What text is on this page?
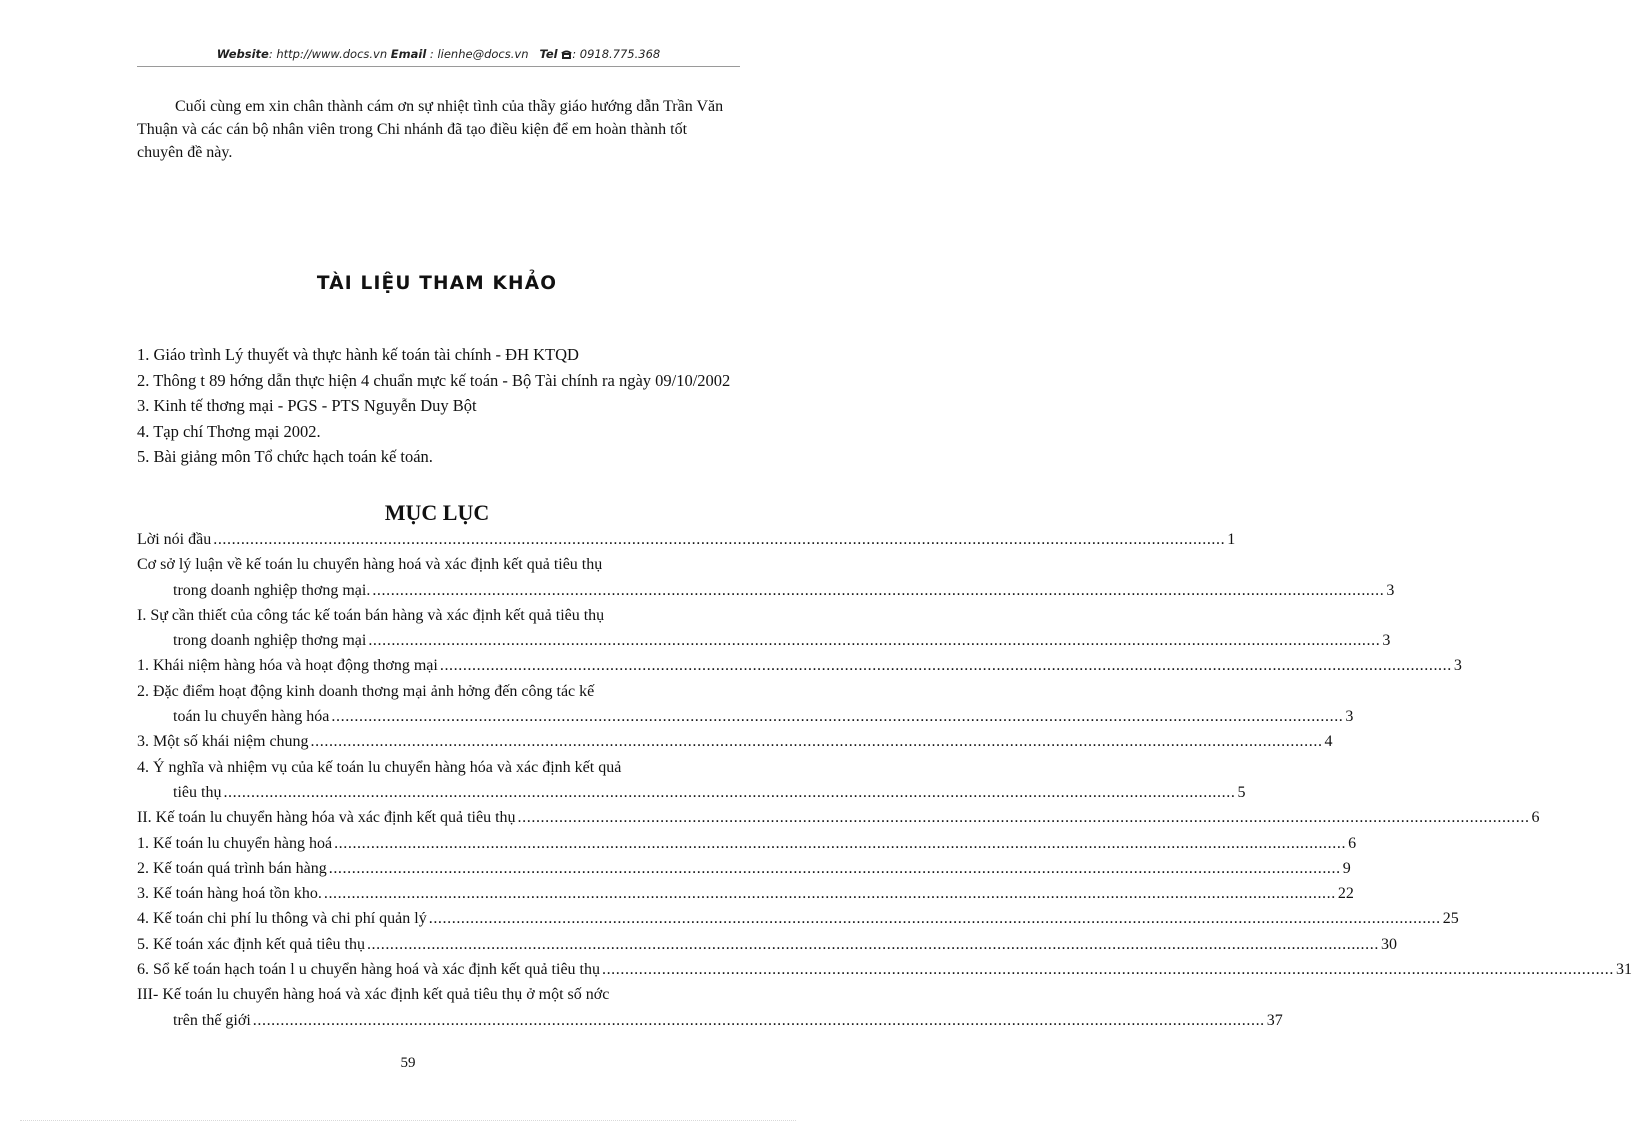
Website: http://www.docs.vn Email : lienhe@docs.vn Tel : 0918.775.368

Cuối cùng em xin chân thành cám ơn sự nhiệt tình của thầy giáo hướng dẫn Trần Văn Thuận và các cán bộ nhân viên trong Chi nhánh đã tạo điều kiện để em hoàn thành tốt chuyên đề này.

TÀI LIỆU THAM KHẢO
1. Giáo trình Lý thuyết và thực hành kế toán tài chính - ĐH KTQD
2. Thông t 89 hớng dẫn thực hiện 4 chuẩn mực kế toán - Bộ Tài chính ra ngày 09/10/2002
3. Kinh tế thơng mại - PGS - PTS Nguyễn Duy Bột
4. Tạp chí Thơng mại 2002.
5. Bài giảng môn Tổ chức hạch toán kế toán.
MỤC LỤC
Lời nói đầu ............................................................................................................................................................................................................................ 1
Cơ sở lý luận về kế toán lu chuyển hàng hoá và xác định kết quả tiêu thụ
trong doanh nghiệp thơng mại. ............................................................................................................................................................................................................................ 3
I. Sự cần thiết của công tác kế toán bán hàng và xác định kết quả tiêu thụ
trong doanh nghiệp thơng mại ............................................................................................................................................................................................................................ 3
1. Khái niệm hàng hóa và hoạt động thơng mại ............................................................................................................................................................................................................................ 3
2. Đặc điểm hoạt động kinh doanh thơng mại ảnh hởng đến công tác kế
toán lu chuyển hàng hóa ............................................................................................................................................................................................................................ 3
3. Một số khái niệm chung ............................................................................................................................................................................................................................ 4
4. Ý nghĩa và nhiệm vụ của kế toán lu chuyển hàng hóa và xác định kết quả
tiêu thụ ............................................................................................................................................................................................................................ 5
II. Kế toán lu chuyển hàng hóa và xác định kết quả tiêu thụ ............................................................................................................................................................................................................................ 6
1. Kế toán lu chuyển hàng hoá ............................................................................................................................................................................................................................ 6
2. Kế toán quá trình bán hàng ............................................................................................................................................................................................................................ 9
3. Kế toán hàng hoá tồn kho. ............................................................................................................................................................................................................................ 22
4. Kế toán chi phí lu thông và chi phí quản lý ............................................................................................................................................................................................................................ 25
5. Kế toán xác định kết quả tiêu thụ ............................................................................................................................................................................................................................ 30
6. Sổ kế toán hạch toán l u chuyển hàng hoá và xác định kết quả tiêu thụ ............................................................................................................................................................................................................................ 31
III- Kế toán lu chuyển hàng hoá và xác định kết quả tiêu thụ ở một số nớc
trên thế giới ............................................................................................................................................................................................................................ 37
59
